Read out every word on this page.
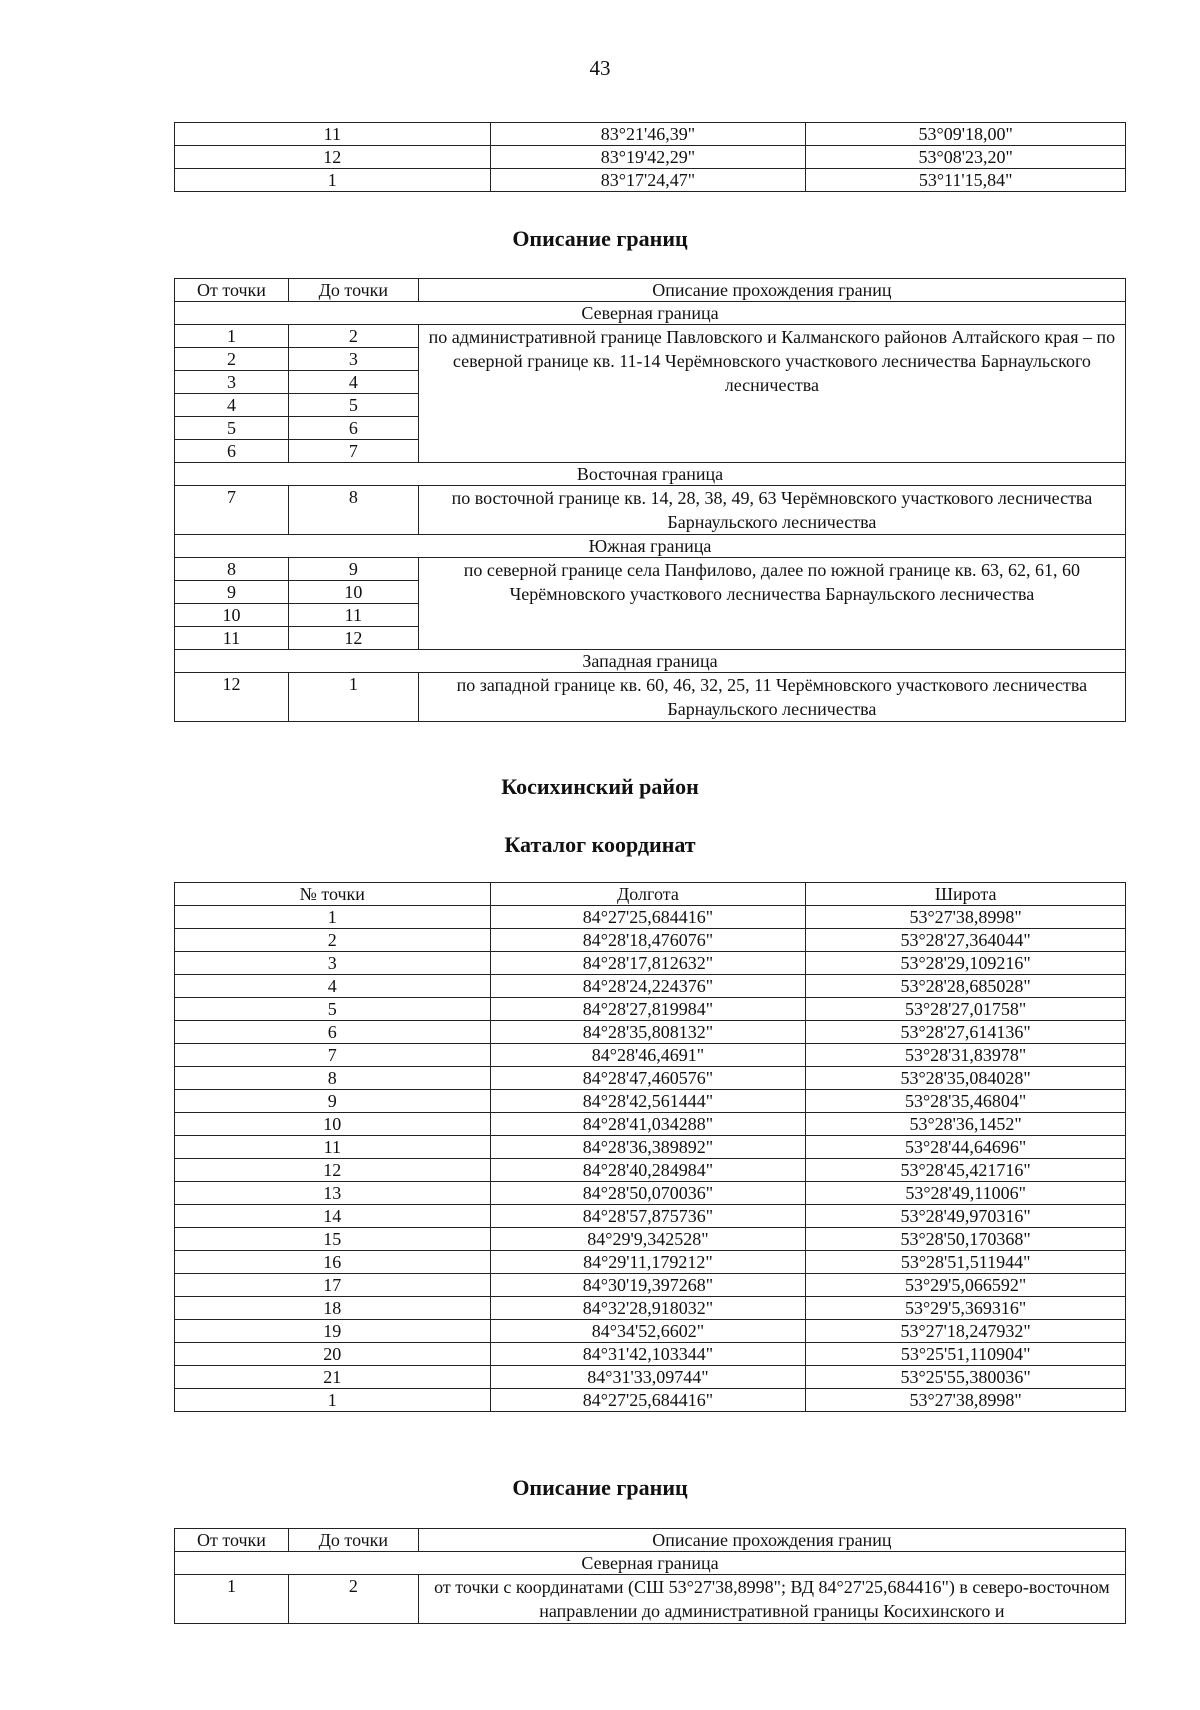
43
11	83°21'46,39"	53°09'18,00"
12	83°19'42,29"	53°08'23,20"
1	83°17'24,47"	53°11'15,84"
Описание границ
От точки	До точки	Описание прохождения границ
Северная граница		
1	2	по административной границе Павловского и Калманского районов Алтайского края – по северной границе кв. 11-14 Черёмновского участкового лесничества Барнаульского лесничества
2	3	
3	4	
4	5	
5	6	
6	7	
Восточная граница		
7	8	по восточной границе кв. 14, 28, 38, 49, 63 Черёмновского участкового лесничества Барнаульского лесничества
Южная граница		
8	9	по северной границе села Панфилово, далее по южной границе кв. 63, 62, 61, 60 Черёмновского участкового лесничества Барнаульского лесничества
9	10	
10	11	
11	12	
Западная граница		
12	1	по западной границе кв. 60, 46, 32, 25, 11 Черёмновского участкового лесничества Барнаульского лесничества
Косихинский район
Каталог координат
№ точки	Долгота	Широта
1	84°27'25,684416"	53°27'38,8998"
2	84°28'18,476076"	53°28'27,364044"
3	84°28'17,812632"	53°28'29,109216"
4	84°28'24,224376"	53°28'28,685028"
5	84°28'27,819984"	53°28'27,01758"
6	84°28'35,808132"	53°28'27,614136"
7	84°28'46,4691"	53°28'31,83978"
8	84°28'47,460576"	53°28'35,084028"
9	84°28'42,561444"	53°28'35,46804"
10	84°28'41,034288"	53°28'36,1452"
11	84°28'36,389892"	53°28'44,64696"
12	84°28'40,284984"	53°28'45,421716"
13	84°28'50,070036"	53°28'49,11006"
14	84°28'57,875736"	53°28'49,970316"
15	84°29'9,342528"	53°28'50,170368"
16	84°29'11,179212"	53°28'51,511944"
17	84°30'19,397268"	53°29'5,066592"
18	84°32'28,918032"	53°29'5,369316"
19	84°34'52,6602"	53°27'18,247932"
20	84°31'42,103344"	53°25'51,110904"
21	84°31'33,09744"	53°25'55,380036"
1	84°27'25,684416"	53°27'38,8998"
Описание границ
От точки	До точки	Описание прохождения границ
Северная граница		
1	2	от точки с координатами (СШ 53°27'38,8998"; ВД 84°27'25,684416") в северо-восточном направлении до административной границы Косихинского и
